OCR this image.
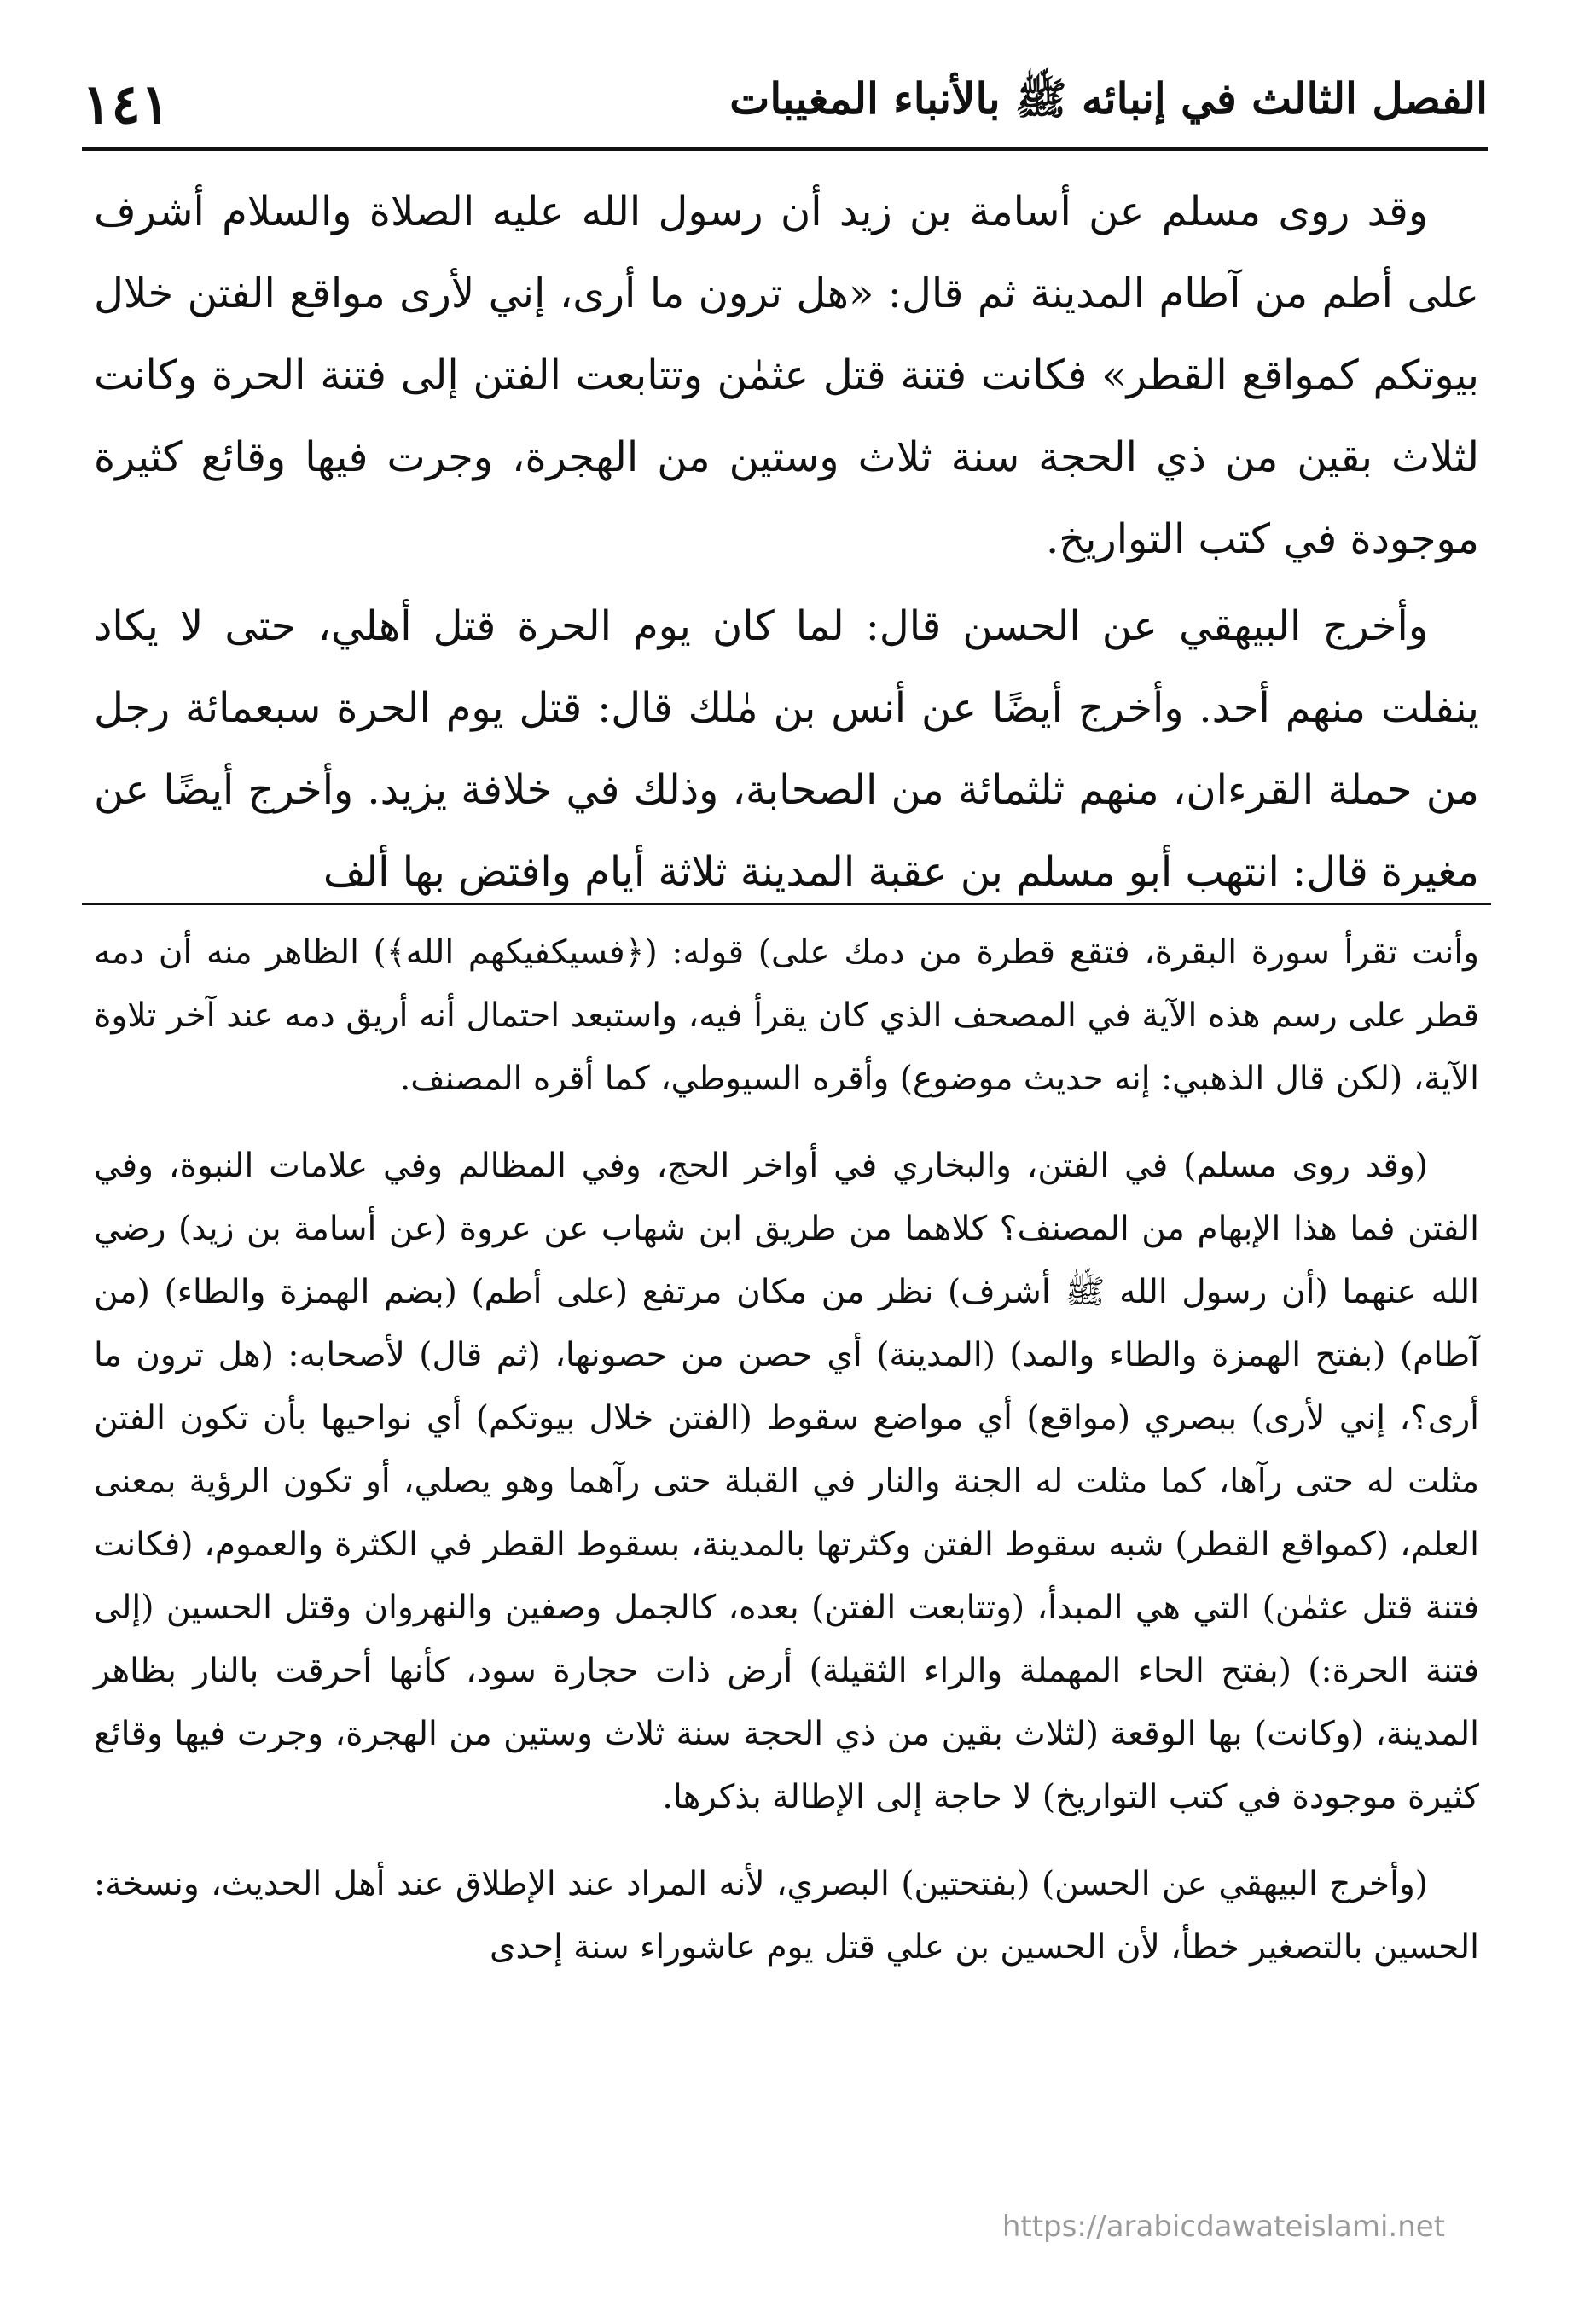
الفصل الثالث في إنبائه ﷺ بالأنباء المغيبات
١٤١

وقد روى مسلم عن أسامة بن زيد أن رسول الله عليه الصلاة والسلام أشرف على أطم من آطام المدينة ثم قال: «هل ترون ما أرى، إني لأرى مواقع الفتن خلال بيوتكم كمواقع القطر» فكانت فتنة قتل عثمٰن وتتابعت الفتن إلى فتنة الحرة وكانت لثلاث بقين من ذي الحجة سنة ثلاث وستين من الهجرة، وجرت فيها وقائع كثيرة موجودة في كتب التواريخ.

وأخرج البيهقي عن الحسن قال: لما كان يوم الحرة قتل أهلي، حتى لا يكاد ينفلت منهم أحد. وأخرج أيضًا عن أنس بن مٰلك قال: قتل يوم الحرة سبعمائة رجل من حملة القرءان، منهم ثلثمائة من الصحابة، وذلك في خلافة يزيد. وأخرج أيضًا عن مغيرة قال: انتهب أبو مسلم بن عقبة المدينة ثلاثة أيام وافتض بها ألف

وأنت تقرأ سورة البقرة، فتقع قطرة من دمك على) قوله: (﴿فسيكفيكهم الله﴾) الظاهر منه أن دمه قطر على رسم هذه الآية في المصحف الذي كان يقرأ فيه، واستبعد احتمال أنه أريق دمه عند آخر تلاوة الآية، (لكن قال الذهبي: إنه حديث موضوع) وأقره السيوطي، كما أقره المصنف.

(وقد روى مسلم) في الفتن، والبخاري في أواخر الحج، وفي المظالم وفي علامات النبوة، وفي الفتن فما هذا الإبهام من المصنف؟ كلاهما من طريق ابن شهاب عن عروة (عن أسامة بن زيد) رضي الله عنهما (أن رسول الله ﷺ أشرف) نظر من مكان مرتفع (على أطم) (بضم الهمزة والطاء) (من آطام) (بفتح الهمزة والطاء والمد) (المدينة) أي حصن من حصونها، (ثم قال) لأصحابه: (هل ترون ما أرى؟، إني لأرى) ببصري (مواقع) أي مواضع سقوط (الفتن خلال بيوتكم) أي نواحيها بأن تكون الفتن مثلت له حتى رآها، كما مثلت له الجنة والنار في القبلة حتى رآهما وهو يصلي، أو تكون الرؤية بمعنى العلم، (كمواقع القطر) شبه سقوط الفتن وكثرتها بالمدينة، بسقوط القطر في الكثرة والعموم، (فكانت فتنة قتل عثمٰن) التي هي المبدأ، (وتتابعت الفتن) بعده، كالجمل وصفين والنهروان وقتل الحسين (إلى فتنة الحرة:) (بفتح الحاء المهملة والراء الثقيلة) أرض ذات حجارة سود، كأنها أحرقت بالنار بظاهر المدينة، (وكانت) بها الوقعة (لثلاث بقين من ذي الحجة سنة ثلاث وستين من الهجرة، وجرت فيها وقائع كثيرة موجودة في كتب التواريخ) لا حاجة إلى الإطالة بذكرها.

(وأخرج البيهقي عن الحسن) (بفتحتين) البصري، لأنه المراد عند الإطلاق عند أهل الحديث، ونسخة: الحسين بالتصغير خطأ، لأن الحسين بن علي قتل يوم عاشوراء سنة إحدى

https://arabicdawateislami.net
